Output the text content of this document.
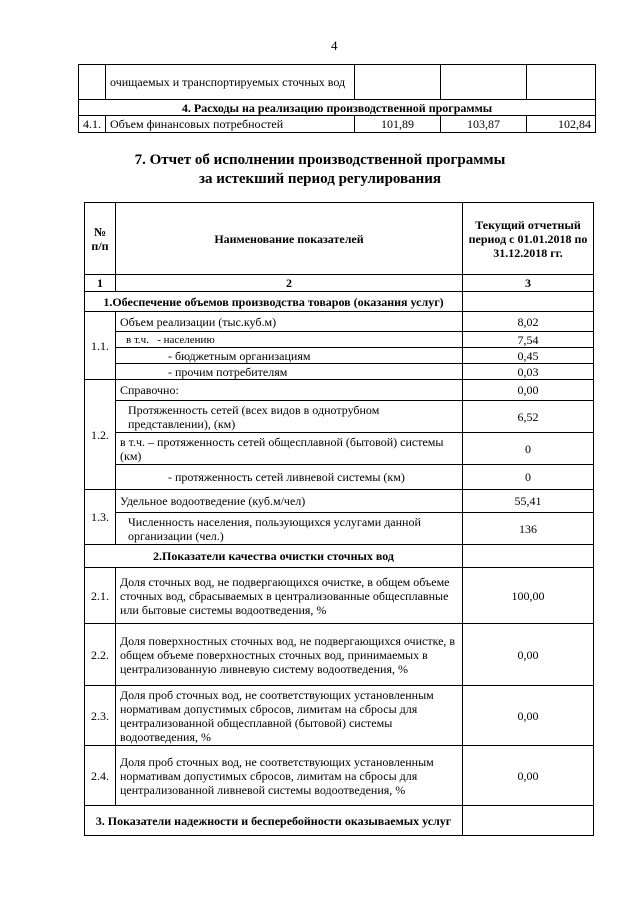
4
	очищаемых и транспортируемых сточных вод			
4. Расходы на реализацию производственной программы				
4.1.	Объем финансовых потребностей	101,89	103,87	102,84
7. Отчет об исполнении производственной программы
за истекший период регулирования
№ п/п	Наименование показателей	Текущий отчетный период с 01.01.2018 по 31.12.2018 гг.
1	2	3
1.Обеспечение объемов производства товаров (оказания услуг)		
1.1.	Объем реализации (тыс.куб.м)	8,02
	в т.ч. - населению	7,54
	- бюджетным организациям	0,45
	- прочим потребителям	0,03
1.2.	Справочно:	0,00
	Протяженность сетей (всех видов в однотрубном представлении), (км)	6,52
	в т.ч. – протяженность сетей общесплавной (бытовой) системы (км)	0
	- протяженность сетей ливневой системы (км)	0
1.3.	Удельное водоотведение (куб.м/чел)	55,41
	Численность населения, пользующихся услугами данной организации (чел.)	136
2.Показатели качества очистки сточных вод		
2.1.	Доля сточных вод, не подвергающихся очистке, в общем объеме сточных вод, сбрасываемых в централизованные общесплавные или бытовые системы водоотведения, %	100,00
2.2.	Доля поверхностных сточных вод, не подвергающихся очистке, в общем объеме поверхностных сточных вод, принимаемых в централизованную ливневую систему водоотведения, %	0,00
2.3.	Доля проб сточных вод, не соответствующих установленным нормативам допустимых сбросов, лимитам на сбросы для централизованной общесплавной (бытовой) системы водоотведения, %	0,00
2.4.	Доля проб сточных вод, не соответствующих установленным нормативам допустимых сбросов, лимитам на сбросы для централизованной ливневой системы водоотведения, %	0,00
3. Показатели надежности и бесперебойности оказываемых услуг		
